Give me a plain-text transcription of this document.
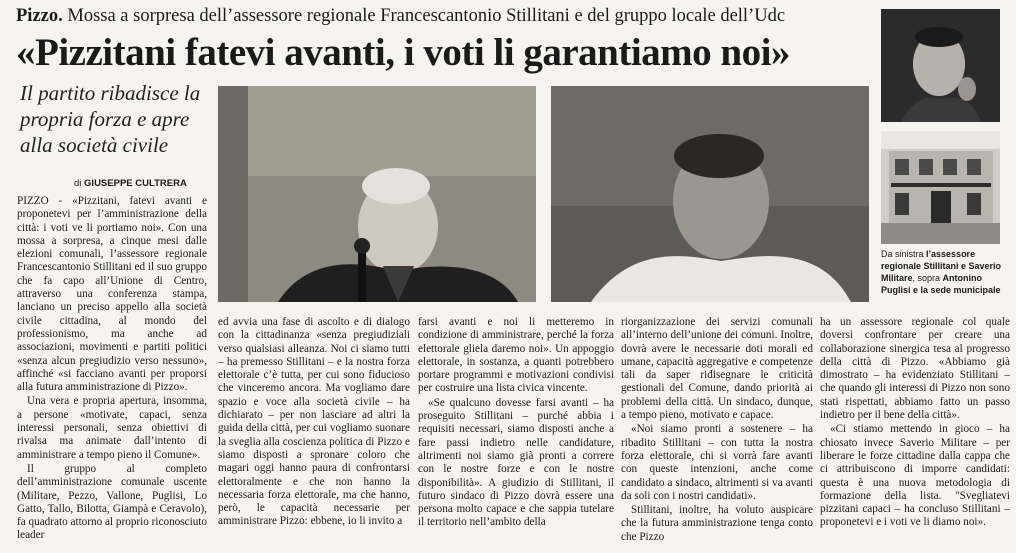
Pizzo. Mossa a sorpresa dell’assessore regionale Francescantonio Stillitani e del gruppo locale dell’Udc
«Pizzitani fatevi avanti, i voti li garantiamo noi»
Il partito ribadisce la propria forza e apre alla società civile
di GIUSEPPE CULTRERA
Da sinistra l’assessore regionale Stillitani e Saverio Militare, sopra Antonino Puglisi e la sede municipale

PIZZO - «Pizzitani, fatevi avanti e proponetevi per l’amministrazione della città: i voti ve li portiamo noi». Con una mossa a sorpresa, a cinque mesi dalle elezioni comunali, l’assessore regionale Francescantonio Stillitani ed il suo gruppo che fa capo all’Unione di Centro, attraverso una conferenza stampa, lanciano un preciso appello alla società civile cittadina, al mondo del professionismo, ma anche ad associazioni, movimenti e partiti politici «senza alcun pregiudizio verso nessuno», affinché «si facciano avanti per proporsi alla futura amministrazione di Pizzo».

Una vera e propria apertura, insomma, a persone «motivate, capaci, senza interessi personali, senza obiettivi di rivalsa ma animate dall’intento di amministrare a tempo pieno il Comune».

Il gruppo al completo dell’amministrazione comunale uscente (Militare, Pezzo, Vallone, Puglisi, Lo Gatto, Tallo, Bilotta, Giampà e Ceravolo), fa quadrato attorno al proprio riconosciuto leader

ed avvia una fase di ascolto e di dialogo con la cittadinanza «senza pregiudiziali verso qualsiasi alleanza. Noi ci siamo tutti – ha premesso Stillitani – e la nostra forza elettorale c’è tutta, per cui sono fiducioso che vinceremo ancora. Ma vogliamo dare spazio e voce alla società civile – ha dichiarato – per non lasciare ad altri la guida della città, per cui vogliamo suonare la sveglia alla coscienza politica di Pizzo e siamo disposti a spronare coloro che magari oggi hanno paura di confrontarsi elettoralmente e che non hanno la necessaria forza elettorale, ma che hanno, però, le capacità necessarie per amministrare Pizzo: ebbene, io li invito a

farsi avanti e noi li metteremo in condizione di amministrare, perché la forza elettorale gliela daremo noi». Un appoggio elettorale, in sostanza, a quanti potrebbero portare programmi e motivazioni condivisi per costruire una lista civica vincente.

«Se qualcuno dovesse farsi avanti – ha proseguito Stillitani – purché abbia i requisiti necessari, siamo disposti anche a fare passi indietro nelle candidature, altrimenti noi siamo già pronti a correre con le nostre forze e con le nostre disponibilità». A giudizio di Stillitani, il futuro sindaco di Pizzo dovrà essere una persona molto capace e che sappia tutelare il territorio nell’ambito della

riorganizzazione dei servizi comunali all’interno dell’unione dei comuni. Inoltre, dovrà avere le necessarie doti morali ed umane, capacità aggregative e competenze tali da saper ridisegnare le criticità gestionali del Comune, dando priorità ai problemi della città. Un sindaco, dunque, a tempo pieno, motivato e capace.

«Noi siamo pronti a sostenere – ha ribadito Stillitani – con tutta la nostra forza elettorale, chi si vorrà fare avanti con queste intenzioni, anche come candidato a sindaco, altrimenti si va avanti da soli con i nostri candidati».

Stillitani, inoltre, ha voluto auspicare che la futura amministrazione tenga conto che Pizzo

ha un assessore regionale col quale doversi confrontare per creare una collaborazione sinergica tesa al progresso della città di Pizzo. «Abbiamo già dimostrato – ha evidenziato Stillitani – che quando gli interessi di Pizzo non sono stati rispettati, abbiamo fatto un passo indietro per il bene della città».

«Ci stiamo mettendo in gioco – ha chiosato invece Saverio Militare – per liberare le forze cittadine dalla cappa che ci attribuiscono di imporre candidati: questa è una nuova metodologia di formazione della lista. "Svegliatevi pizzitani capaci – ha concluso Stillitani – proponetevi e i voti ve li diamo noi».
